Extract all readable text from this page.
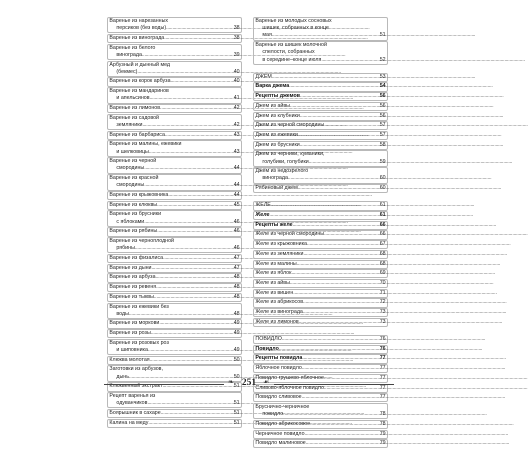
Варенье из нарезанных
персиков (без воды) .....	38
Варенье из винограда .....	38
Варенье из белого
винограда .....	39
Арбузный и дынный мед
(бекмес) .....	40
Варенье из корок арбуза .....	40
Варенье из мандаринов
и апельсинов .....	41
Варенье из лимонов .....	42
Варенье из садовой
земляники .....	42
Варенье из барбариса .....	43
Варенье из малины, ежевики
и шелковицы .....	43
Варенье из черной
смородины .....	44
Варенье из красной
смородины .....	44
Варенье из крыжовника .....	44
Варенье из клюквы .....	45
Варенье из брусники
с яблоками .....	46
Варенье из рябины .....	46
Варенье из черноплодной
рябины .....	46
Варенье из физалиса .....	47
Варенье из дыни .....	47
Варенье из арбуза .....	48
Варенье из ревеня .....	48
Варенье из тыквы .....	48
Варенье из ежевики без
воды .....	48
Варенье из моркови .....	49
Варенье из розы .....	49
Варенье из розовых роз
и шиповника .....	49
Клюква молотая .....	50
Заготовки из арбузов,
дынь .....	50
Клюквенный экстракт .....	51
Рецепт варенья из
одуванчиков .....	51
Боярышник в сахаре .....	51
Калина на меду .....	51
Варенье из молодых сосновых
шишек, собранных в конце
мая .....	51
Варенье из шишек молочной
спелости, собранных
в середине–конце июля .....	52
ДЖЕМ .....	53
Варка джема .....	54
Рецепты джемов .....	56
Джем из айвы .....	56
Джем из клубники .....	56
Джем из черной смородины .....	57
Джем из ежевики .....	57
Джем из брусники .....	58
Джем из черники, куманики,
голубики, голубики .....	59
Джем из недозрелого
винограда .....	60
Рябиновый джем .....	60
ЖЕЛЕ .....	61
Желе .....	61
Рецепты желе .....	66
Желе из черной смородины .....	66
Желе из крыжовника .....	67
Желе из земляники .....	68
Желе из малины .....	68
Желе из яблок .....	69
Желе из айвы .....	70
Желе из вишен .....	71
Желе из абрикосов .....	72
Желе из винограда .....	73
Желе из лимонов .....	73
ПОВИДЛО .....	76
Повидло .....	76
Рецепты повидла .....	77
Яблочное повидло .....	77
Повидло грушево-яблочное .....	77
Сливово-яблочное повидло .....	77
Повидло сливовое .....	77
Бруснично-черничное
повидло .....	78
Повидло абрикосовое .....	78
Черничное повидло .....	79
Повидло малиновое .....	79
❧ 251 ☙
